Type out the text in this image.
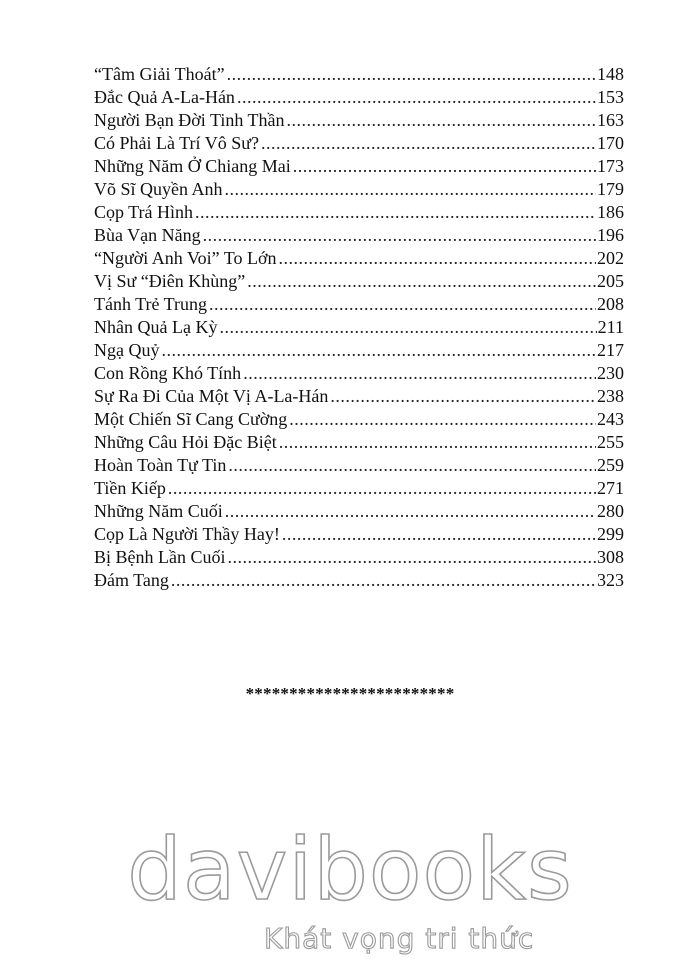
“Tâm Giải Thoát” .....	148
Đắc Quả A-La-Hán .....	153
Người Bạn Đời Tinh Thần .....	163
Có Phải Là Trí Vô Sư? .....	170
Những Năm Ở Chiang Mai .....	173
Võ Sĩ Quyền Anh .....	179
Cọp Trá Hình .....	186
Bùa Vạn Năng .....	196
“Người Anh Voi” To Lớn .....	202
Vị Sư “Điên Khùng” .....	205
Tánh Trẻ Trung .....	208
Nhân Quả Lạ Kỳ .....	211
Ngạ Quỷ .....	217
Con Rồng Khó Tính .....	230
Sự Ra Đi Của Một Vị A-La-Hán .....	238
Một Chiến Sĩ Cang Cường .....	243
Những Câu Hỏi Đặc Biệt .....	255
Hoàn Toàn Tự Tin .....	259
Tiền Kiếp .....	271
Những Năm Cuối .....	280
Cọp Là Người Thầy Hay! .....	299
Bị Bệnh Lần Cuối .....	308
Đám Tang .....	323
************************
davibooks
Khát vọng tri thức
